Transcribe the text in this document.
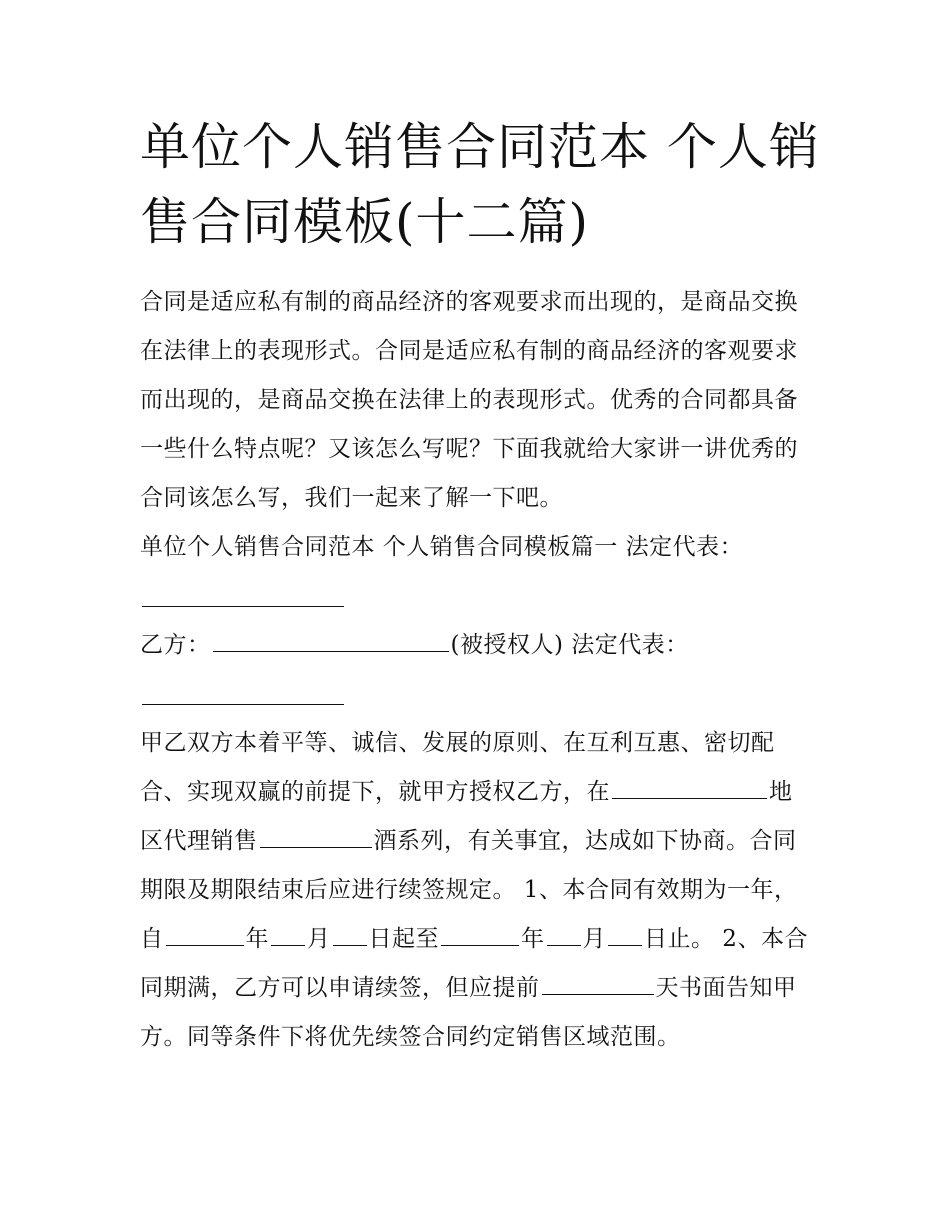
单位个人销售合同范本 个人销售合同模板(十二篇)

合同是适应私有制的商品经济的客观要求而出现的，是商品交换在法律上的表现形式。合同是适应私有制的商品经济的客观要求而出现的，是商品交换在法律上的表现形式。优秀的合同都具备一些什么特点呢？又该怎么写呢？下面我就给大家讲一讲优秀的合同该怎么写，我们一起来了解一下吧。

单位个人销售合同范本 个人销售合同模板篇一 法定代表：

乙方：	(被授权人) 法定代表：

甲乙双方本着平等、诚信、发展的原则、在互利互惠、密切配合、实现双赢的前提下，就甲方授权乙方，在	地区代理销售	酒系列，有关事宜，达成如下协商。合同期限及期限结束后应进行续签规定。 1、本合同有效期为一年，自	年 月 日起至	年 月 日止。 2、本合同期满，乙方可以申请续签，但应提前	天书面告知甲方。同等条件下将优先续签合同约定销售区域范围。
